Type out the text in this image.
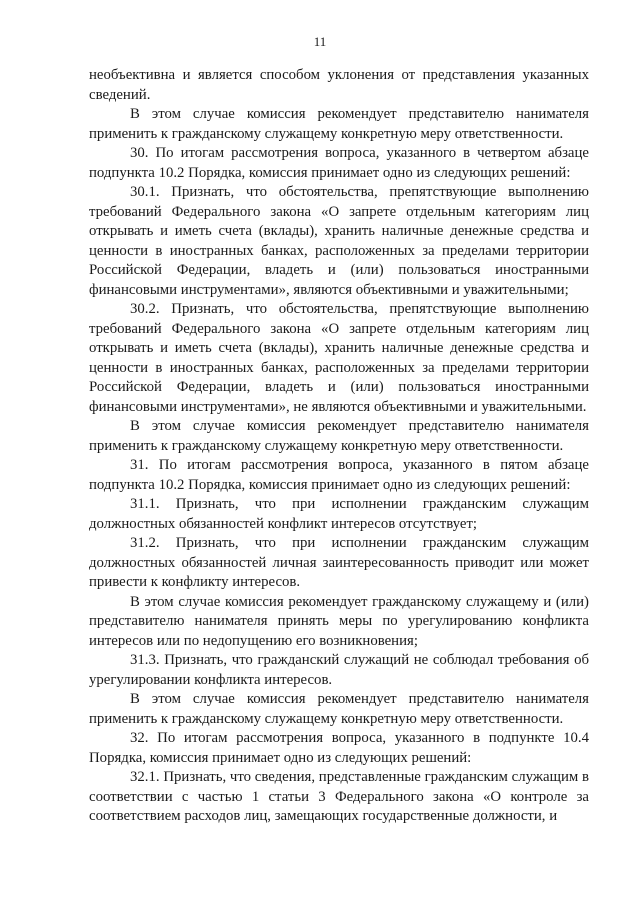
11

необъективна и является способом уклонения от представления указанных сведений.

В этом случае комиссия рекомендует представителю нанимателя применить к гражданскому служащему конкретную меру ответственности.

30. По итогам рассмотрения вопроса, указанного в четвертом абзаце подпункта 10.2 Порядка, комиссия принимает одно из следующих решений:

30.1. Признать, что обстоятельства, препятствующие выполнению требований Федерального закона «О запрете отдельным категориям лиц открывать и иметь счета (вклады), хранить наличные денежные средства и ценности в иностранных банках, расположенных за пределами территории Российской Федерации, владеть и (или) пользоваться иностранными финансовыми инструментами», являются объективными и уважительными;

30.2. Признать, что обстоятельства, препятствующие выполнению требований Федерального закона «О запрете отдельным категориям лиц открывать и иметь счета (вклады), хранить наличные денежные средства и ценности в иностранных банках, расположенных за пределами территории Российской Федерации, владеть и (или) пользоваться иностранными финансовыми инструментами», не являются объективными и уважительными.

В этом случае комиссия рекомендует представителю нанимателя применить к гражданскому служащему конкретную меру ответственности.

31. По итогам рассмотрения вопроса, указанного в пятом абзаце подпункта 10.2 Порядка, комиссия принимает одно из следующих решений:

31.1. Признать, что при исполнении гражданским служащим должностных обязанностей конфликт интересов отсутствует;

31.2. Признать, что при исполнении гражданским служащим должностных обязанностей личная заинтересованность приводит или может привести к конфликту интересов.

В этом случае комиссия рекомендует гражданскому служащему и (или) представителю нанимателя принять меры по урегулированию конфликта интересов или по недопущению его возникновения;

31.3. Признать, что гражданский служащий не соблюдал требования об урегулировании конфликта интересов.

В этом случае комиссия рекомендует представителю нанимателя применить к гражданскому служащему конкретную меру ответственности.

32. По итогам рассмотрения вопроса, указанного в подпункте 10.4 Порядка, комиссия принимает одно из следующих решений:

32.1. Признать, что сведения, представленные гражданским служащим в соответствии с частью 1 статьи 3 Федерального закона «О контроле за соответствием расходов лиц, замещающих государственные должности, и
